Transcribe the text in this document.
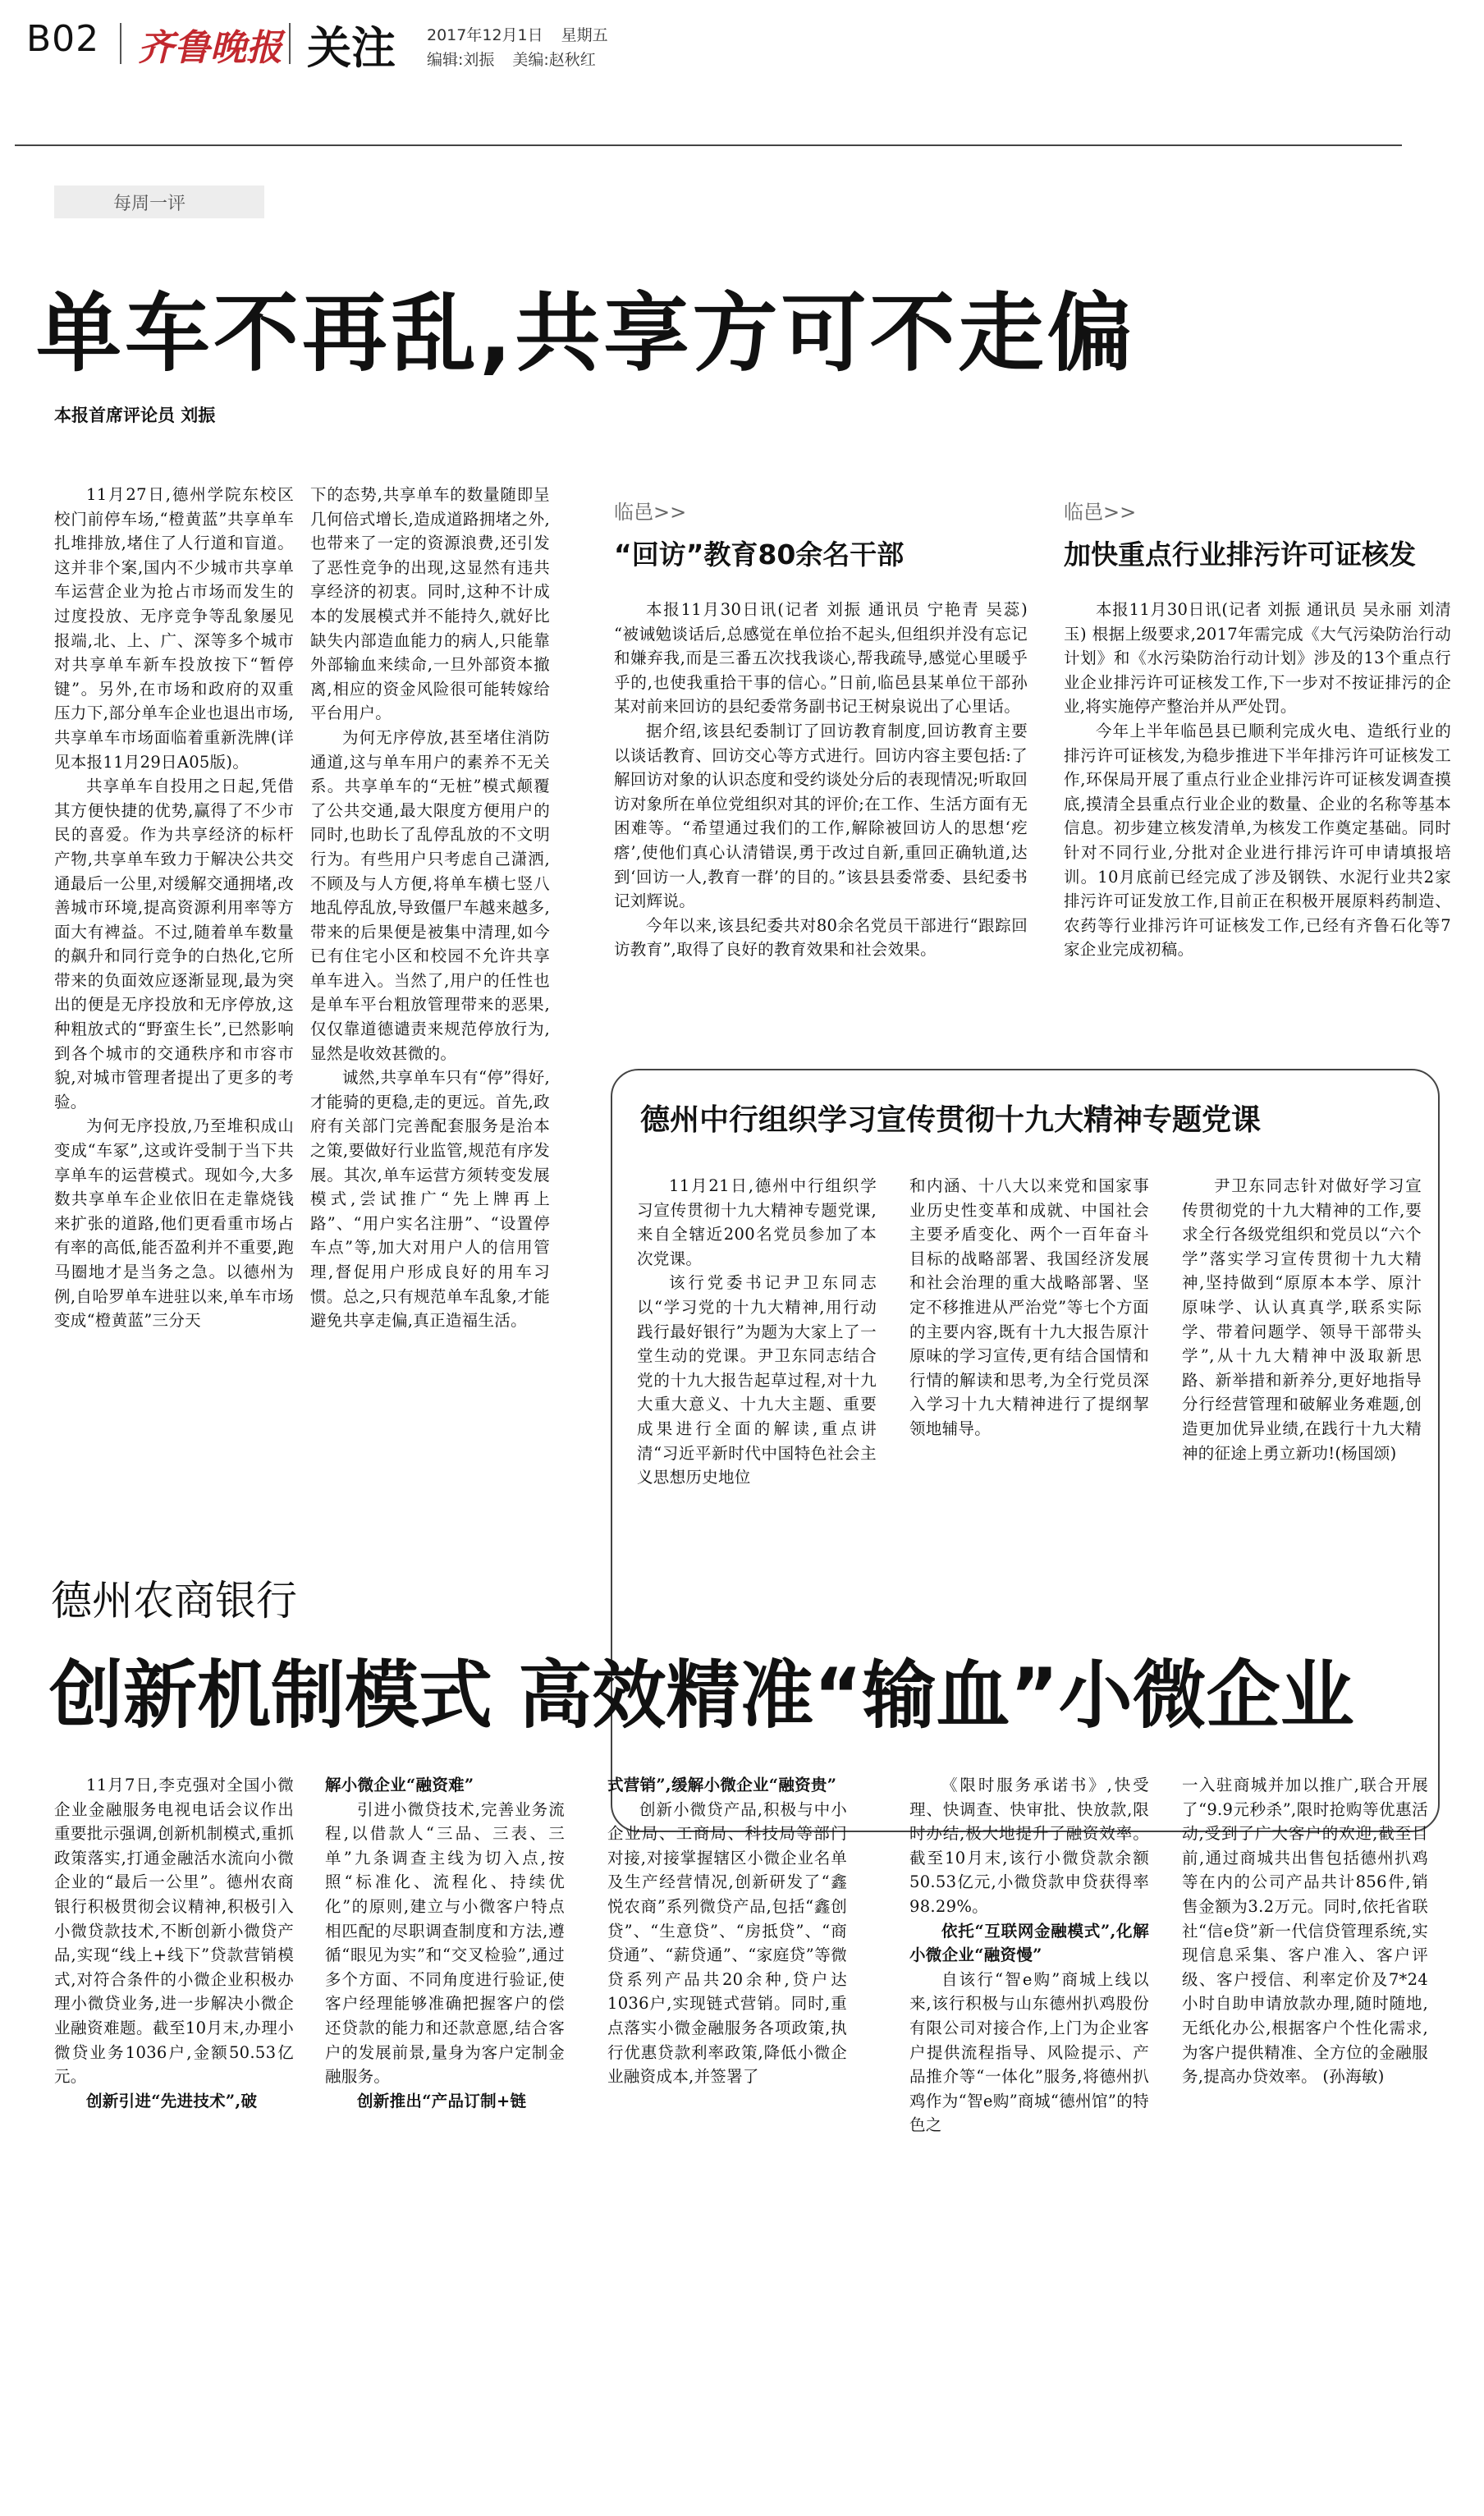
B02 齐鲁晚报 关注 2017年12月1日 星期五
编辑:刘振 美编:赵秋红
每周一评
单车不再乱,共享方可不走偏
本报首席评论员 刘振

11月27日,德州学院东校区校门前停车场,“橙黄蓝”共享单车扎堆排放,堵住了人行道和盲道。这并非个案,国内不少城市共享单车运营企业为抢占市场而发生的过度投放、无序竞争等乱象屡见报端,北、上、广、深等多个城市对共享单车新车投放按下“暂停键”。另外,在市场和政府的双重压力下,部分单车企业也退出市场,共享单车市场面临着重新洗牌(详见本报11月29日A05版)。

共享单车自投用之日起,凭借其方便快捷的优势,赢得了不少市民的喜爱。作为共享经济的标杆产物,共享单车致力于解决公共交通最后一公里,对缓解交通拥堵,改善城市环境,提高资源利用率等方面大有裨益。不过,随着单车数量的飙升和同行竞争的白热化,它所带来的负面效应逐渐显现,最为突出的便是无序投放和无序停放,这种粗放式的“野蛮生长”,已然影响到各个城市的交通秩序和市容市貌,对城市管理者提出了更多的考验。

为何无序投放,乃至堆积成山变成“车冢”,这或许受制于当下共享单车的运营模式。现如今,大多数共享单车企业依旧在走靠烧钱来扩张的道路,他们更看重市场占有率的高低,能否盈利并不重要,跑马圈地才是当务之急。以德州为例,自哈罗单车进驻以来,单车市场变成“橙黄蓝”三分天

下的态势,共享单车的数量随即呈几何倍式增长,造成道路拥堵之外,也带来了一定的资源浪费,还引发了恶性竞争的出现,这显然有违共享经济的初衷。同时,这种不计成本的发展模式并不能持久,就好比缺失内部造血能力的病人,只能靠外部输血来续命,一旦外部资本撤离,相应的资金风险很可能转嫁给平台用户。

为何无序停放,甚至堵住消防通道,这与单车用户的素养不无关系。共享单车的“无桩”模式颠覆了公共交通,最大限度方便用户的同时,也助长了乱停乱放的不文明行为。有些用户只考虑自己潇洒,不顾及与人方便,将单车横七竖八地乱停乱放,导致僵尸车越来越多,带来的后果便是被集中清理,如今已有住宅小区和校园不允许共享单车进入。当然了,用户的任性也是单车平台粗放管理带来的恶果,仅仅靠道德谴责来规范停放行为,显然是收效甚微的。

诚然,共享单车只有“停”得好,才能骑的更稳,走的更远。首先,政府有关部门完善配套服务是治本之策,要做好行业监管,规范有序发展。其次,单车运营方须转变发展模式,尝试推广“先上牌再上路”、“用户实名注册”、“设置停车点”等,加大对用户人的信用管理,督促用户形成良好的用车习惯。总之,只有规范单车乱象,才能避免共享走偏,真正造福生活。

临邑>>
“回访”教育80余名干部

本报11月30日讯(记者 刘振 通讯员 宁艳青 吴蕊) “被诫勉谈话后,总感觉在单位抬不起头,但组织并没有忘记和嫌弃我,而是三番五次找我谈心,帮我疏导,感觉心里暖乎乎的,也使我重拾干事的信心。”日前,临邑县某单位干部孙某对前来回访的县纪委常务副书记王树泉说出了心里话。

据介绍,该县纪委制订了回访教育制度,回访教育主要以谈话教育、回访交心等方式进行。回访内容主要包括:了解回访对象的认识态度和受约谈处分后的表现情况;听取回访对象所在单位党组织对其的评价;在工作、生活方面有无困难等。“希望通过我们的工作,解除被回访人的思想‘疙瘩’,使他们真心认清错误,勇于改过自新,重回正确轨道,达到‘回访一人,教育一群’的目的。”该县县委常委、县纪委书记刘辉说。

今年以来,该县纪委共对80余名党员干部进行“跟踪回访教育”,取得了良好的教育效果和社会效果。

临邑>>
加快重点行业排污许可证核发

本报11月30日讯(记者 刘振 通讯员 吴永丽 刘清玉) 根据上级要求,2017年需完成《大气污染防治行动计划》和《水污染防治行动计划》涉及的13个重点行业企业排污许可证核发工作,下一步对不按证排污的企业,将实施停产整治并从严处罚。

今年上半年临邑县已顺利完成火电、造纸行业的排污许可证核发,为稳步推进下半年排污许可证核发工作,环保局开展了重点行业企业排污许可证核发调查摸底,摸清全县重点行业企业的数量、企业的名称等基本信息。初步建立核发清单,为核发工作奠定基础。同时针对不同行业,分批对企业进行排污许可申请填报培训。10月底前已经完成了涉及钢铁、水泥行业共2家排污许可证发放工作,目前正在积极开展原料药制造、农药等行业排污许可证核发工作,已经有齐鲁石化等7家企业完成初稿。

德州中行组织学习宣传贯彻十九大精神专题党课

11月21日,德州中行组织学习宣传贯彻十九大精神专题党课,来自全辖近200名党员参加了本次党课。

该行党委书记尹卫东同志以“学习党的十九大精神,用行动践行最好银行”为题为大家上了一堂生动的党课。尹卫东同志结合党的十九大报告起草过程,对十九大重大意义、十九大主题、重要成果进行全面的解读,重点讲清“习近平新时代中国特色社会主义思想历史地位

和内涵、十八大以来党和国家事业历史性变革和成就、中国社会主要矛盾变化、两个一百年奋斗目标的战略部署、我国经济发展和社会治理的重大战略部署、坚定不移推进从严治党”等七个方面的主要内容,既有十九大报告原汁原味的学习宣传,更有结合国情和行情的解读和思考,为全行党员深入学习十九大精神进行了提纲挈领地辅导。

尹卫东同志针对做好学习宣传贯彻党的十九大精神的工作,要求全行各级党组织和党员以“六个学”落实学习宣传贯彻十九大精神,坚持做到“原原本本学、原汁原味学、认认真真学,联系实际学、带着问题学、领导干部带头学”,从十九大精神中汲取新思路、新举措和新养分,更好地指导分行经营管理和破解业务难题,创造更加优异业绩,在践行十九大精神的征途上勇立新功!(杨国颂)

德州农商银行
创新机制模式 高效精准“输血”小微企业

11月7日,李克强对全国小微企业金融服务电视电话会议作出重要批示强调,创新机制模式,重抓政策落实,打通金融活水流向小微企业的“最后一公里”。德州农商银行积极贯彻会议精神,积极引入小微贷款技术,不断创新小微贷产品,实现“线上+线下”贷款营销模式,对符合条件的小微企业积极办理小微贷业务,进一步解决小微企业融资难题。截至10月末,办理小微贷业务1036户,金额50.53亿元。

创新引进“先进技术”,破

解小微企业“融资难”

引进小微贷技术,完善业务流程,以借款人“三品、三表、三单”九条调查主线为切入点,按照“标准化、流程化、持续优化”的原则,建立与小微客户特点相匹配的尽职调查制度和方法,遵循“眼见为实”和“交叉检验”,通过多个方面、不同角度进行验证,使客户经理能够准确把握客户的偿还贷款的能力和还款意愿,结合客户的发展前景,量身为客户定制金融服务。

创新推出“产品订制+链

式营销”,缓解小微企业“融资贵”

创新小微贷产品,积极与中小企业局、工商局、科技局等部门对接,对接掌握辖区小微企业名单及生产经营情况,创新研发了“鑫悦农商”系列微贷产品,包括“鑫创贷”、“生意贷”、“房抵贷”、“商贷通”、“薪贷通”、“家庭贷”等微贷系列产品共20余种,贷户达1036户,实现链式营销。同时,重点落实小微金融服务各项政策,执行优惠贷款利率政策,降低小微企业融资成本,并签署了

《限时服务承诺书》,快受理、快调查、快审批、快放款,限时办结,极大地提升了融资效率。截至10月末,该行小微贷款余额50.53亿元,小微贷款申贷获得率98.29%。

依托“互联网金融模式”,化解小微企业“融资慢”

自该行“智e购”商城上线以来,该行积极与山东德州扒鸡股份有限公司对接合作,上门为企业客户提供流程指导、风险提示、产品推介等“一体化”服务,将德州扒鸡作为“智e购”商城“德州馆”的特色之

一入驻商城并加以推广,联合开展了“9.9元秒杀”,限时抢购等优惠活动,受到了广大客户的欢迎,截至目前,通过商城共出售包括德州扒鸡等在内的公司产品共计856件,销售金额为3.2万元。同时,依托省联社“信e贷”新一代信贷管理系统,实现信息采集、客户准入、客户评级、客户授信、利率定价及7*24小时自助申请放款办理,随时随地,无纸化办公,根据客户个性化需求,为客户提供精准、全方位的金融服务,提高办贷效率。 (孙海敏)
